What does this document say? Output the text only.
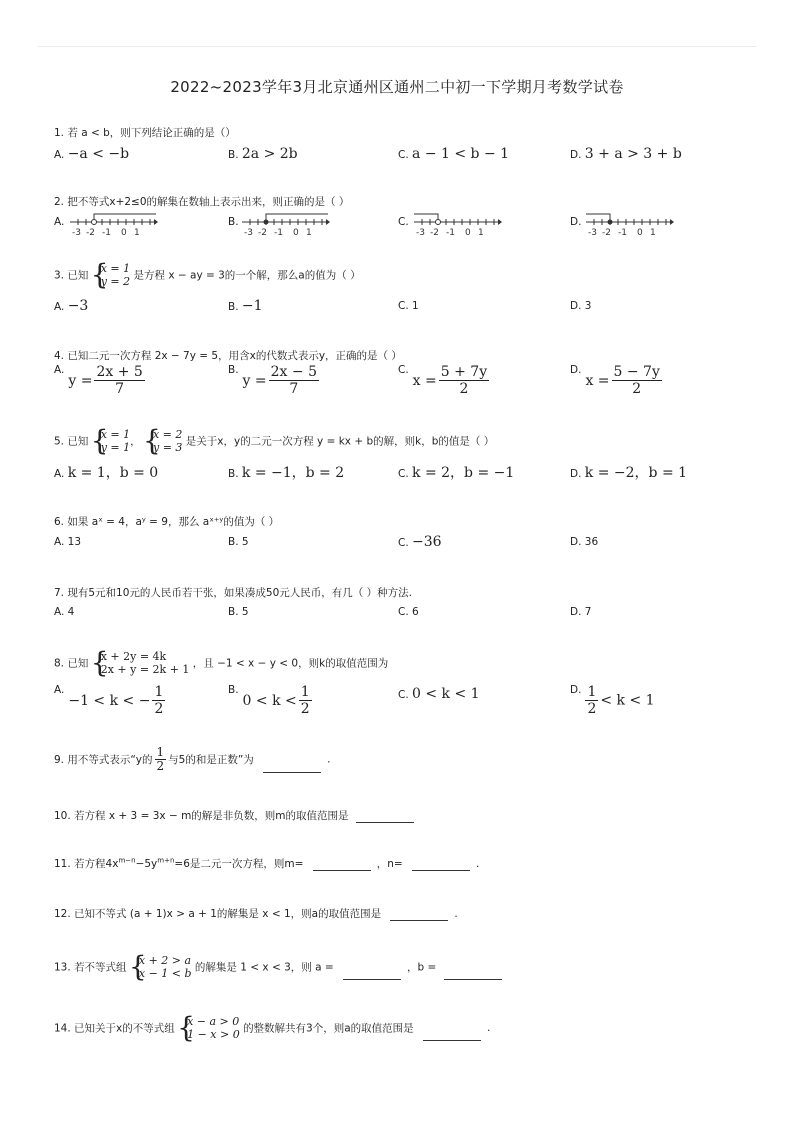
2022~2023学年3月北京通州区通州二中初一下学期月考数学试卷
1. 若 a < b，则下列结论正确的是（）
A. −a < −b	B. 2a > 2b	C. a − 1 < b − 1	D. 3 + a > 3 + b
2. 把不等式x+2≤0的解集在数轴上表示出来，则正确的是（ ）
A.	B.	C.	D.
-3 -2 -1 0 1	-3 -2 -1 0 1	-3 -2 -1 0 1	-3 -2 -1 0 1
3. 已知 {
x = 1
y = 2 是方程 x − ay = 3的一个解，那么a的值为（ ）
A. −3	B. −1	C. 1	D. 3
4. 已知二元一次方程 2x − 7y = 5，用含x的代数式表示y，正确的是（ ）
$A.y = \frac{2x + 5}{7}$	$B.y = \frac{2x - 5}{7}$	$C.x = \frac{5 + 7y}{2}$	$D.x = \frac{5 - 7y}{2}$
5. 已知 {
x = 1
y = 1 ， {
x = 2
y = 3 是关于x，y的二元一次方程 y = kx + b的解，则k，b的值是（ ）
A. k = 1，b = 0	B. k = −1，b = 2	C. k = 2，b = −1	D. k = −2，b = 1
6. 如果 aˣ = 4，aʸ = 9，那么 aˣ⁺ʸ的值为（ ）
A. 13	B. 5	C. −36	D. 36
7. 现有5元和10元的人民币若干张，如果凑成50元人民币，有几（ ）种方法.
A. 4	B. 5	C. 6	D. 7
8. 已知 {
x + 2y = 4k
2x + y = 2k + 1 ，且 −1 < x − y < 0，则k的取值范围为
A.−1 < k < − $\frac{1}{2}$	$B.0 < k < \frac{1}{2}$	C. 0 < k < 1	D. $\frac{1}{2} < k < 1$
9. 用不等式表示“y的 $\frac{1}{2}$ 与5的和是正数”为	.
10. 若方程 x + 3 = 3x − m的解是非负数，则m的取值范围是
11. 若方程$4x^{m-n}-5y^{m+n}=6$是二元一次方程，则m=	，n=	.
12. 已知不等式 (a + 1)x > a + 1的解集是 x < 1，则a的取值范围是	.
13. 若不等式组 {
x + 2 > a
x − 1 < b 的解集是 1 < x < 3，则 a =	，b =
14. 已知关于x的不等式组 {
x − a > 0
1 − x > 0 的整数解共有3个，则a的取值范围是	.
